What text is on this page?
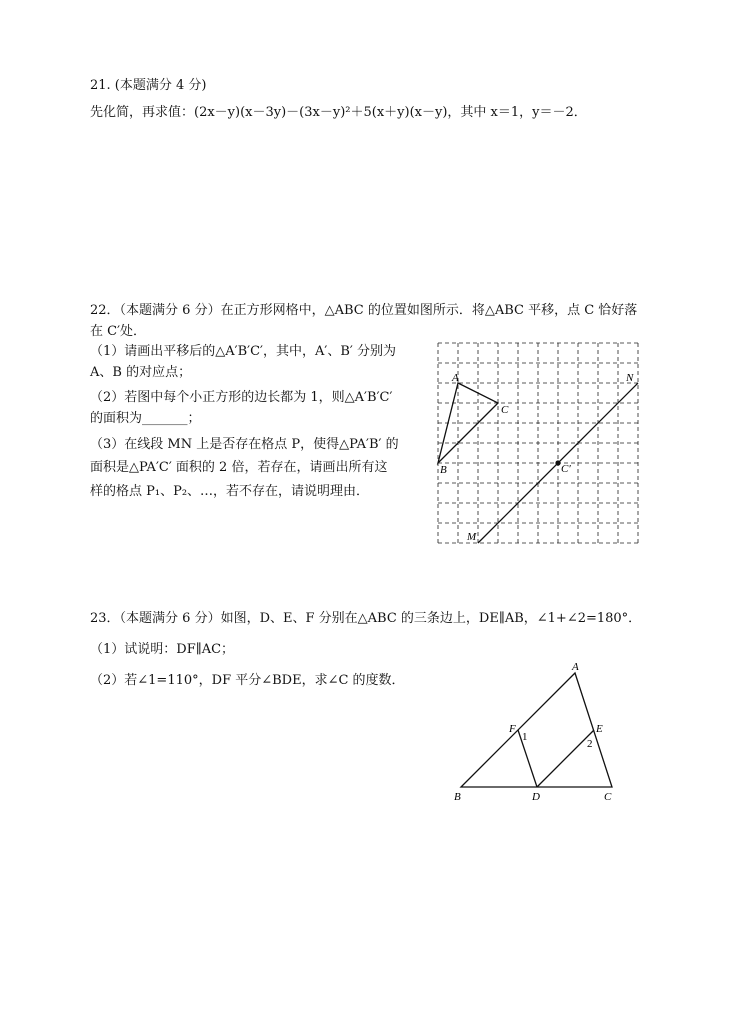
21. (本题满分 4 分)
先化简，再求值：(2x－y)(x－3y)－(3x－y)²＋5(x＋y)(x－y)，其中 x＝1，y＝－2．
22．（本题满分 6 分）在正方形网格中，△ABC 的位置如图所示．将△ABC 平移，点 C 恰好落
在 C′处．
（1）请画出平移后的△A′B′C′，其中，A′、B′ 分别为
A、B 的对应点；
（2）若图中每个小正方形的边长都为 1，则△A′B′C′
的面积为_______；
（3）在线段 MN 上是否存在格点 P，使得△PA′B′ 的
面积是△PA′C′ 面积的 2 倍，若存在，请画出所有这
样的格点 P₁、P₂、…，若不存在，请说明理由．
A
B
C
C′
M
N
23．（本题满分 6 分）如图，D、E、F 分别在△ABC 的三条边上，DE∥AB，∠1+∠2=180°．
（1）试说明：DF∥AC；
（2）若∠1=110°，DF 平分∠BDE，求∠C 的度数．
A
B	C
D
E
F
1
2
